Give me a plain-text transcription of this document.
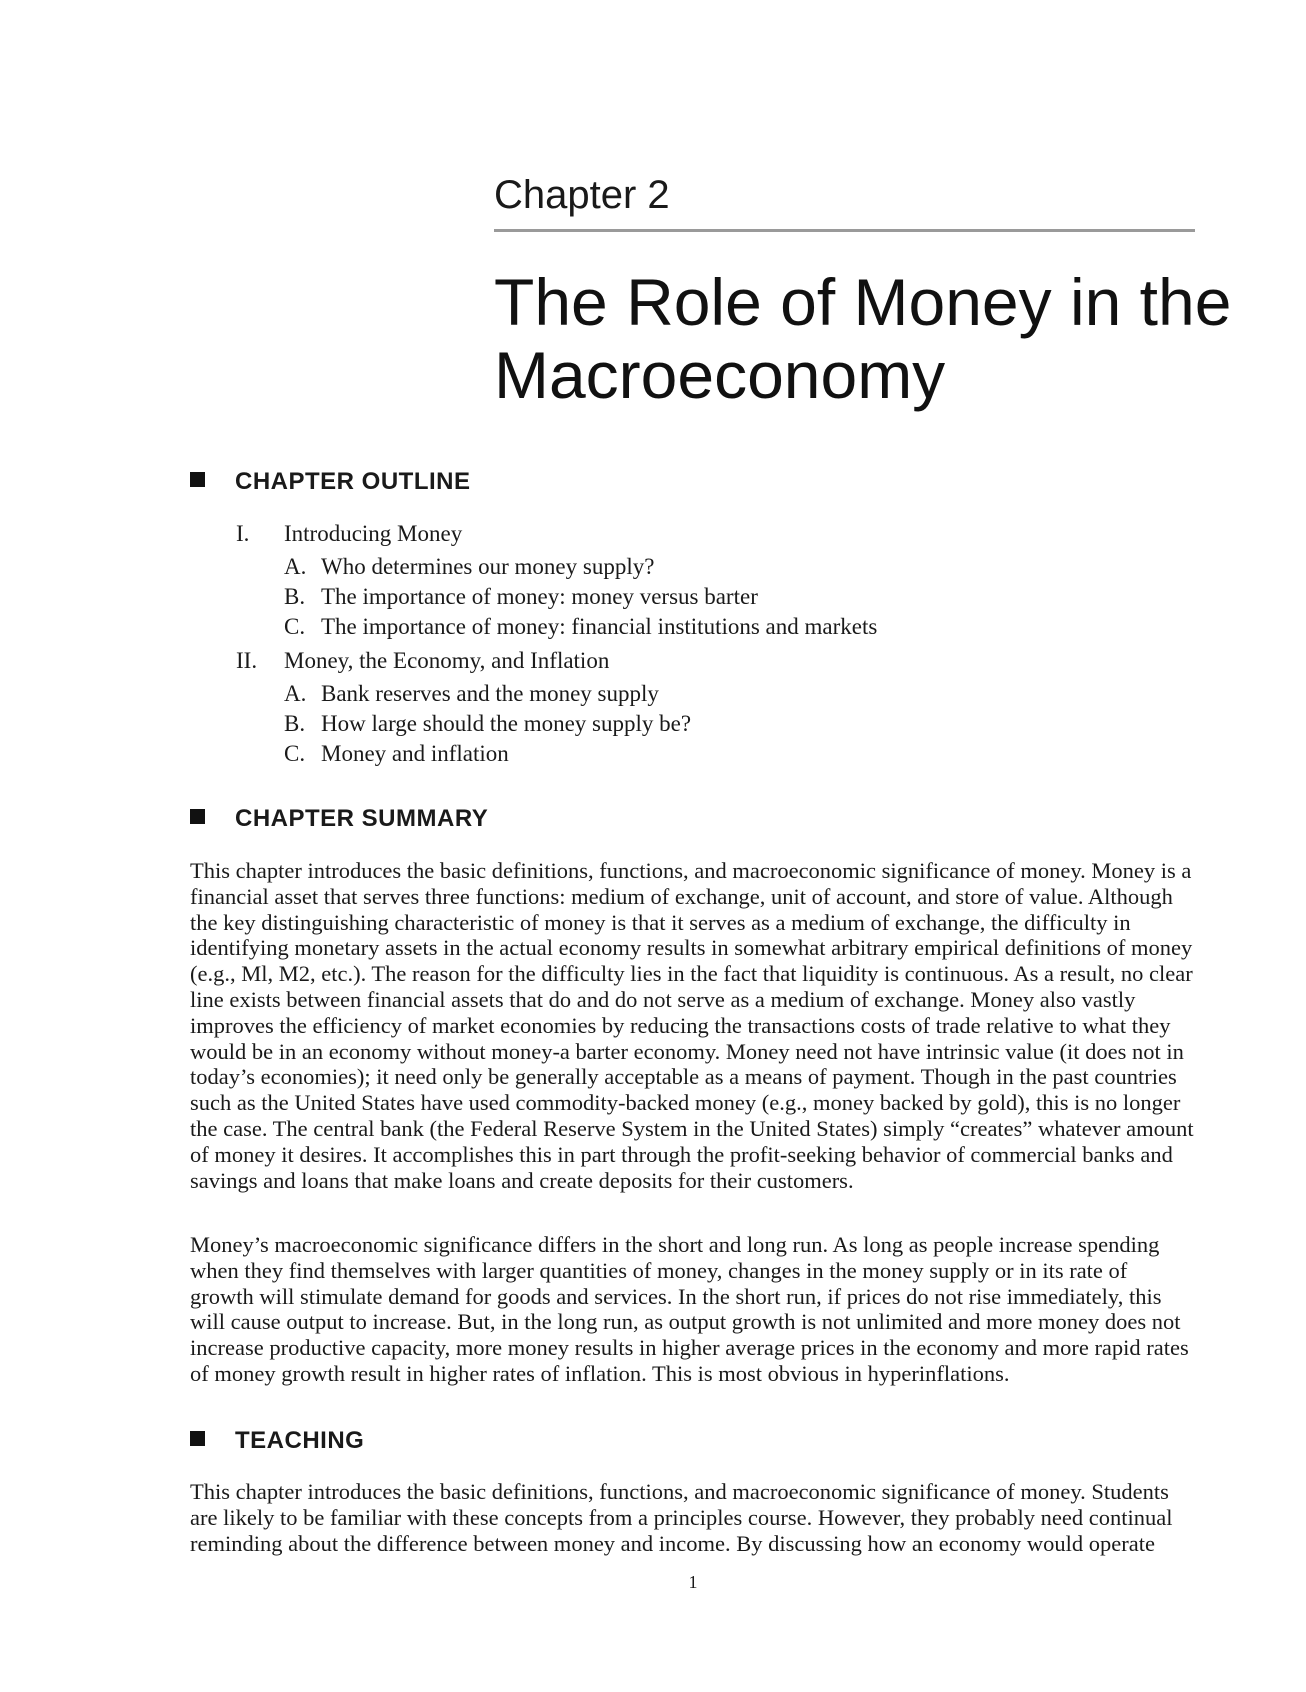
Chapter 2
The Role of Money in the Macroeconomy
CHAPTER OUTLINE
I.	Introducing Money
A. Who determines our money supply?
B. The importance of money: money versus barter
C. The importance of money: financial institutions and markets
II.	Money, the Economy, and Inflation
A. Bank reserves and the money supply
B. How large should the money supply be?
C. Money and inflation
CHAPTER SUMMARY

This chapter introduces the basic definitions, functions, and macroeconomic significance of money. Money is a financial asset that serves three functions: medium of exchange, unit of account, and store of value. Although the key distinguishing characteristic of money is that it serves as a medium of exchange, the difficulty in identifying monetary assets in the actual economy results in somewhat arbitrary empirical definitions of money (e.g., Ml, M2, etc.). The reason for the difficulty lies in the fact that liquidity is continuous. As a result, no clear line exists between financial assets that do and do not serve as a medium of exchange. Money also vastly improves the efficiency of market economies by reducing the transactions costs of trade relative to what they would be in an economy without money-a barter economy. Money need not have intrinsic value (it does not in today’s economies); it need only be generally acceptable as a means of payment. Though in the past countries such as the United States have used commodity-backed money (e.g., money backed by gold), this is no longer the case. The central bank (the Federal Reserve System in the United States) simply “creates” whatever amount of money it desires. It accomplishes this in part through the profit-seeking behavior of commercial banks and savings and loans that make loans and create deposits for their customers.

Money’s macroeconomic significance differs in the short and long run. As long as people increase spending when they find themselves with larger quantities of money, changes in the money supply or in its rate of growth will stimulate demand for goods and services. In the short run, if prices do not rise immediately, this will cause output to increase. But, in the long run, as output growth is not unlimited and more money does not increase productive capacity, more money results in higher average prices in the economy and more rapid rates of money growth result in higher rates of inflation. This is most obvious in hyperinflations.

TEACHING

This chapter introduces the basic definitions, functions, and macroeconomic significance of money. Students are likely to be familiar with these concepts from a principles course. However, they probably need continual reminding about the difference between money and income. By discussing how an economy would operate

1
